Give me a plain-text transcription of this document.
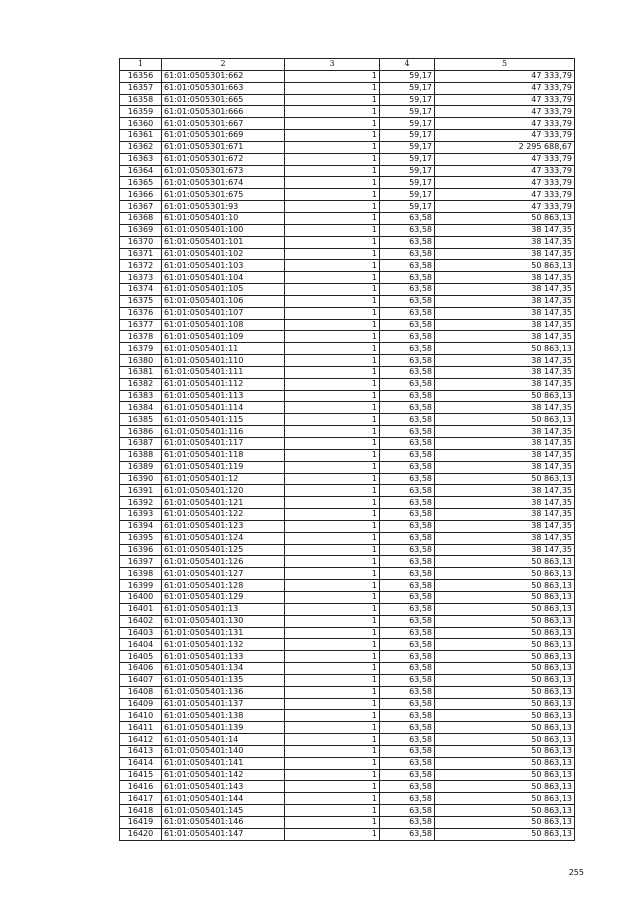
1	2	3	4	5
16356	61:01:0505301:662	1	59,17	47 333,79
16357	61:01:0505301:663	1	59,17	47 333,79
16358	61:01:0505301:665	1	59,17	47 333,79
16359	61:01:0505301:666	1	59,17	47 333,79
16360	61:01:0505301:667	1	59,17	47 333,79
16361	61:01:0505301:669	1	59,17	47 333,79
16362	61:01:0505301:671	1	59,17	2 295 688,67
16363	61:01:0505301:672	1	59,17	47 333,79
16364	61:01:0505301:673	1	59,17	47 333,79
16365	61:01:0505301:674	1	59,17	47 333,79
16366	61:01:0505301:675	1	59,17	47 333,79
16367	61:01:0505301:93	1	59,17	47 333,79
16368	61:01:0505401:10	1	63,58	50 863,13
16369	61:01:0505401:100	1	63,58	38 147,35
16370	61:01:0505401:101	1	63,58	38 147,35
16371	61:01:0505401:102	1	63,58	38 147,35
16372	61:01:0505401:103	1	63,58	50 863,13
16373	61:01:0505401:104	1	63,58	38 147,35
16374	61:01:0505401:105	1	63,58	38 147,35
16375	61:01:0505401:106	1	63,58	38 147,35
16376	61:01:0505401:107	1	63,58	38 147,35
16377	61:01:0505401:108	1	63,58	38 147,35
16378	61:01:0505401:109	1	63,58	38 147,35
16379	61:01:0505401:11	1	63,58	50 863,13
16380	61:01:0505401:110	1	63,58	38 147,35
16381	61:01:0505401:111	1	63,58	38 147,35
16382	61:01:0505401:112	1	63,58	38 147,35
16383	61:01:0505401:113	1	63,58	50 863,13
16384	61:01:0505401:114	1	63,58	38 147,35
16385	61:01:0505401:115	1	63,58	50 863,13
16386	61:01:0505401:116	1	63,58	38 147,35
16387	61:01:0505401:117	1	63,58	38 147,35
16388	61:01:0505401:118	1	63,58	38 147,35
16389	61:01:0505401:119	1	63,58	38 147,35
16390	61:01:0505401:12	1	63,58	50 863,13
16391	61:01:0505401:120	1	63,58	38 147,35
16392	61:01:0505401:121	1	63,58	38 147,35
16393	61:01:0505401:122	1	63,58	38 147,35
16394	61:01:0505401:123	1	63,58	38 147,35
16395	61:01:0505401:124	1	63,58	38 147,35
16396	61:01:0505401:125	1	63,58	38 147,35
16397	61:01:0505401:126	1	63,58	50 863,13
16398	61:01:0505401:127	1	63,58	50 863,13
16399	61:01:0505401:128	1	63,58	50 863,13
16400	61:01:0505401:129	1	63,58	50 863,13
16401	61:01:0505401:13	1	63,58	50 863,13
16402	61:01:0505401:130	1	63,58	50 863,13
16403	61:01:0505401:131	1	63,58	50 863,13
16404	61:01:0505401:132	1	63,58	50 863,13
16405	61:01:0505401:133	1	63,58	50 863,13
16406	61:01:0505401:134	1	63,58	50 863,13
16407	61:01:0505401:135	1	63,58	50 863,13
16408	61:01:0505401:136	1	63,58	50 863,13
16409	61:01:0505401:137	1	63,58	50 863,13
16410	61:01:0505401:138	1	63,58	50 863,13
16411	61:01:0505401:139	1	63,58	50 863,13
16412	61:01:0505401:14	1	63,58	50 863,13
16413	61:01:0505401:140	1	63,58	50 863,13
16414	61:01:0505401:141	1	63,58	50 863,13
16415	61:01:0505401:142	1	63,58	50 863,13
16416	61:01:0505401:143	1	63,58	50 863,13
16417	61:01:0505401:144	1	63,58	50 863,13
16418	61:01:0505401:145	1	63,58	50 863,13
16419	61:01:0505401:146	1	63,58	50 863,13
16420	61:01:0505401:147	1	63,58	50 863,13
255
